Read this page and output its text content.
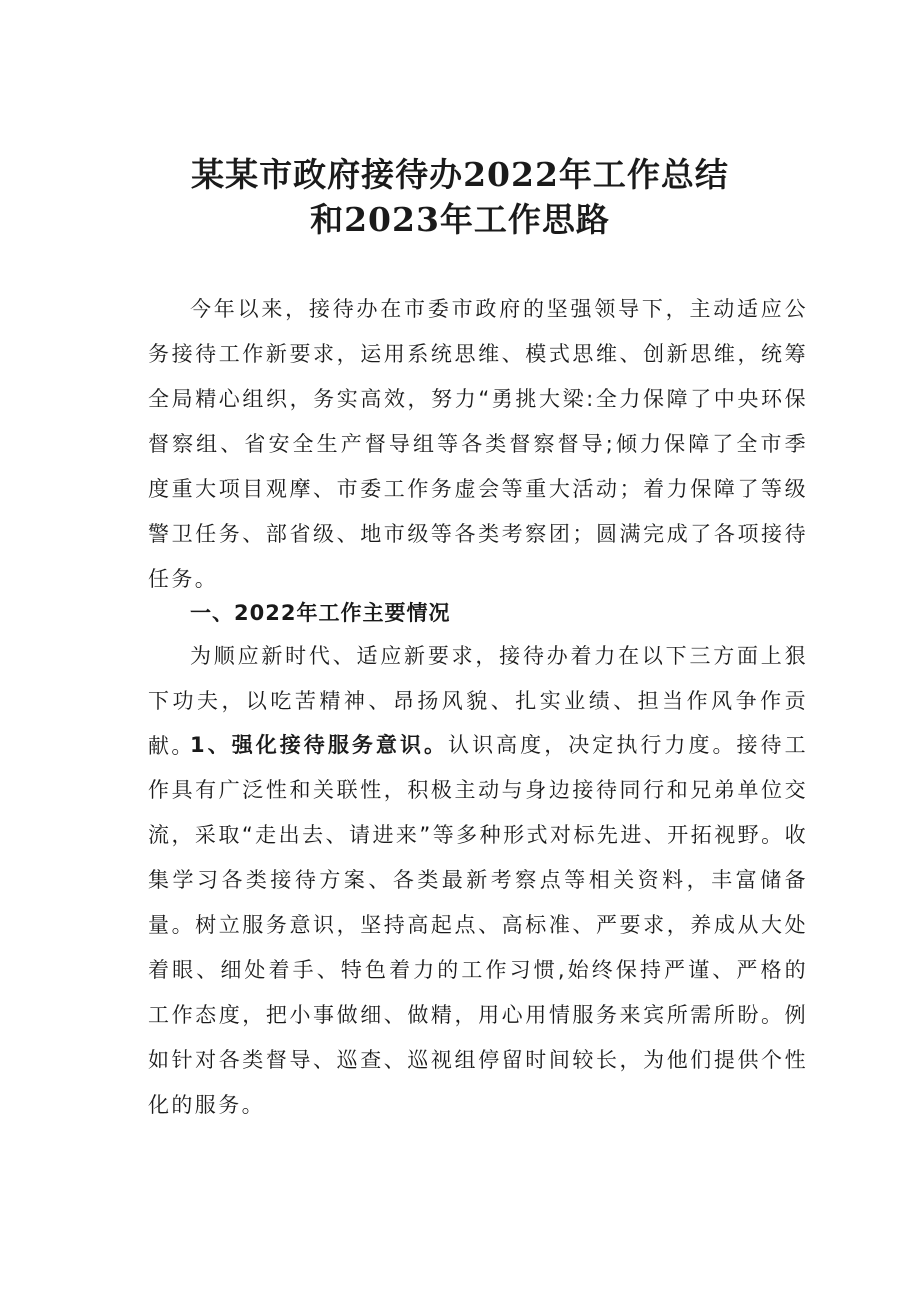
某某市政府接待办2022年工作总结
和2023年工作思路

今年以来，接待办在市委市政府的坚强领导下，主动适应公务接待工作新要求，运用系统思维、模式思维、创新思维，统筹全局精心组织，务实高效，努力“勇挑大梁:全力保障了中央环保督察组、省安全生产督导组等各类督察督导;倾力保障了全市季度重大项目观摩、市委工作务虚会等重大活动；着力保障了等级警卫任务、部省级、地市级等各类考察团；圆满完成了各项接待任务。

一、2022年工作主要情况

为顺应新时代、适应新要求，接待办着力在以下三方面上狠下功夫，以吃苦精神、昂扬风貌、扎实业绩、担当作风争作贡献。

1、强化接待服务意识。认识高度，决定执行力度。接待工作具有广泛性和关联性，积极主动与身边接待同行和兄弟单位交流，采取“走出去、请进来”等多种形式对标先进、开拓视野。收集学习各类接待方案、各类最新考察点等相关资料，丰富储备量。树立服务意识，坚持高起点、高标准、严要求，养成从大处着眼、细处着手、特色着力的工作习惯,始终保持严谨、严格的工作态度，把小事做细、做精，用心用情服务来宾所需所盼。例如针对各类督导、巡查、巡视组停留时间较长，为他们提供个性化的服务。
